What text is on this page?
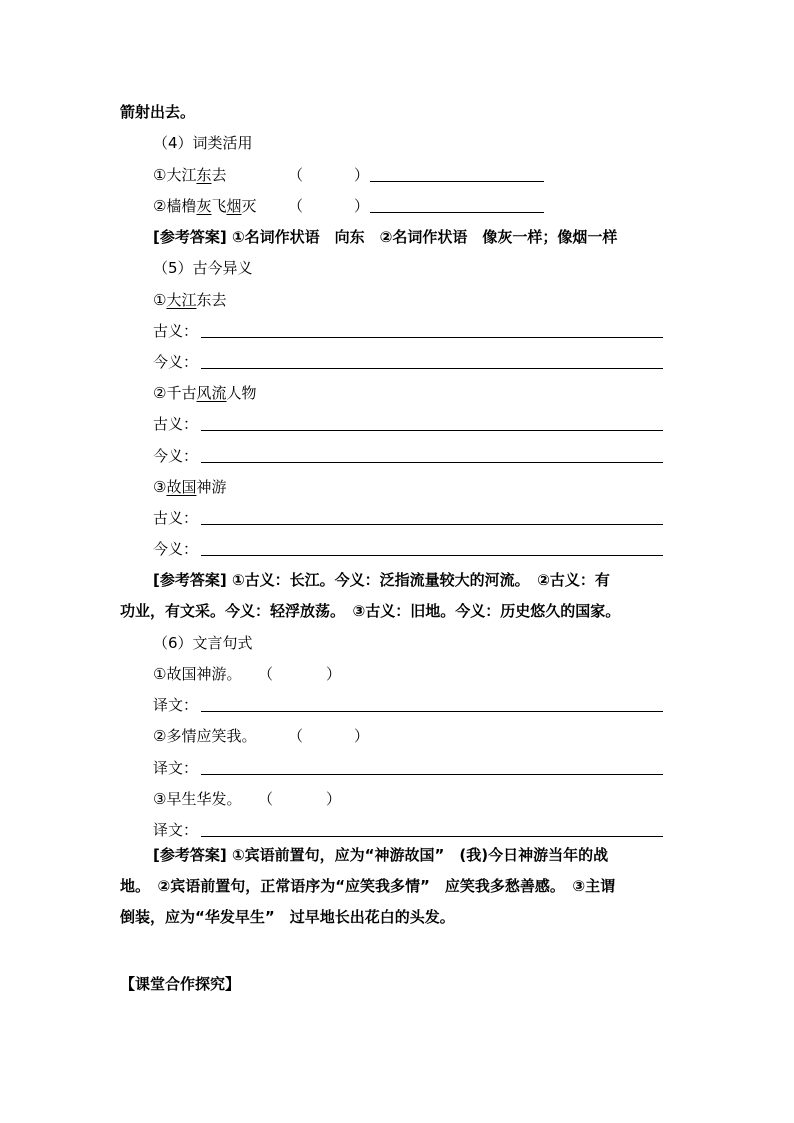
箭射出去。
（4）词类活用
①大江东去	（	）
②樯橹灰飞烟灭 （	）
[参考答案] ①名词作状语　向东　②名词作状语　像灰一样；像烟一样
（5）古今异义
①大江东去
古义：
今义：
②千古风流人物
古义：
今义：
③故国神游
古义：
今义：
[参考答案] ①古义：长江。今义：泛指流量较大的河流。　②古义：有
功业，有文采。今义：轻浮放荡。　③古义：旧地。今义：历史悠久的国家。
（6）文言句式
①故国神游。 （	）
译文：
②多情应笑我。 （	）
译文：
③早生华发。 （	）
译文：
[参考答案] ①宾语前置句，应为“神游故国”　(我)今日神游当年的战
地。　②宾语前置句，正常语序为“应笑我多情”　应笑我多愁善感。　③主谓
倒装，应为“华发早生”　过早地长出花白的头发。
【课堂合作探究】
